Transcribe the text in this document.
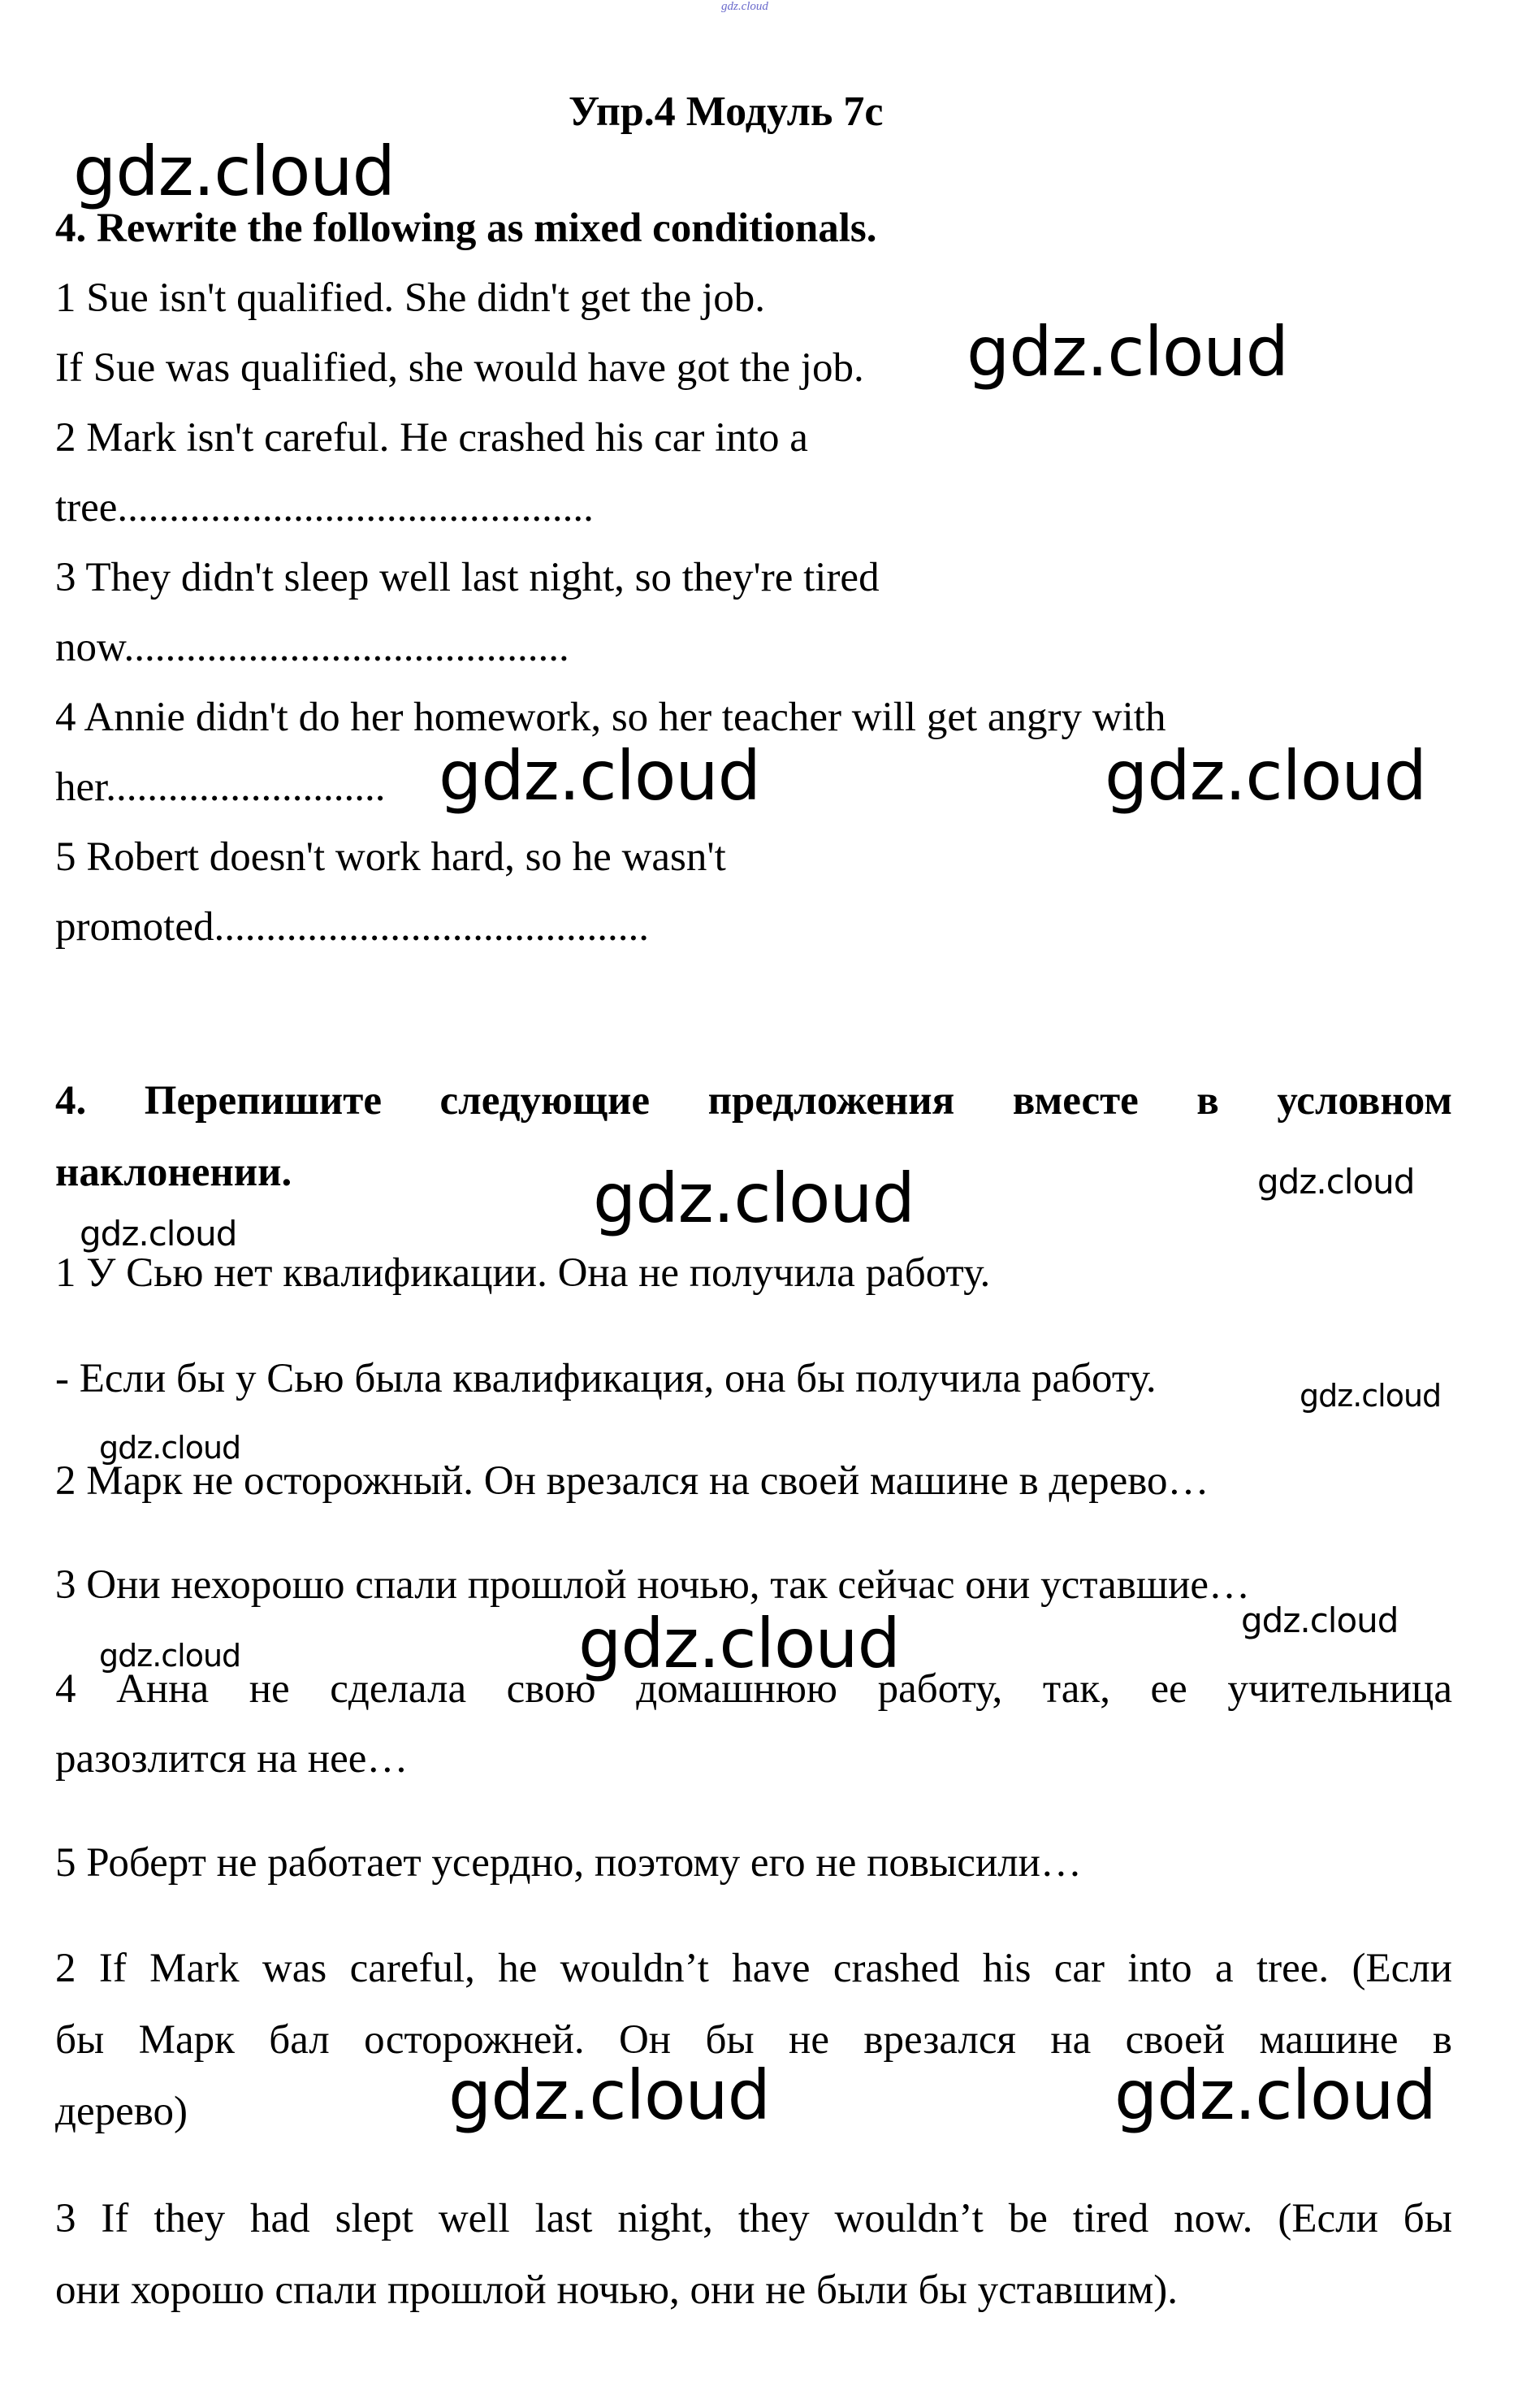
gdz.cloud
Упр.4 Модуль 7c
4. Rewrite the following as mixed conditionals.
1 Sue isn't qualified. She didn't get the job.
If Sue was qualified, she would have got the job.
2 Mark isn't careful. He crashed his car into a
tree..............................................
3 They didn't sleep well last night, so they're tired
now...........................................
4 Annie didn't do her homework, so her teacher will get angry with
her...........................
5 Robert doesn't work hard, so he wasn't
promoted..........................................
4. Перепишите следующие предложения вместе в условном
наклонении.
1 У Сью нет квалификации. Она не получила работу.
- Если бы у Сью была квалификация, она бы получила работу.
2 Марк не осторожный. Он врезался на своей машине в дерево…
3 Они нехорошо спали прошлой ночью, так сейчас они уставшие…
4 Анна не сделала свою домашнюю работу, так, ее учительница
разозлится на нее…
5 Роберт не работает усердно, поэтому его не повысили…
2 If Mark was careful, he wouldn’t have crashed his car into a tree. (Если
бы Марк бал осторожней. Он бы не врезался на своей машине в
дерево)
3 If they had slept well last night, they wouldn’t be tired now. (Если бы
они хорошо спали прошлой ночью, они не были бы уставшим).
gdz.cloud
gdz.cloud
gdz.cloud	gdz.cloud
gdz.cloud
gdz.cloud
gdz.cloud	gdz.cloud
gdz.cloud
gdz.cloud
gdz.cloud
gdz.cloud
gdz.cloud
gdz.cloud
